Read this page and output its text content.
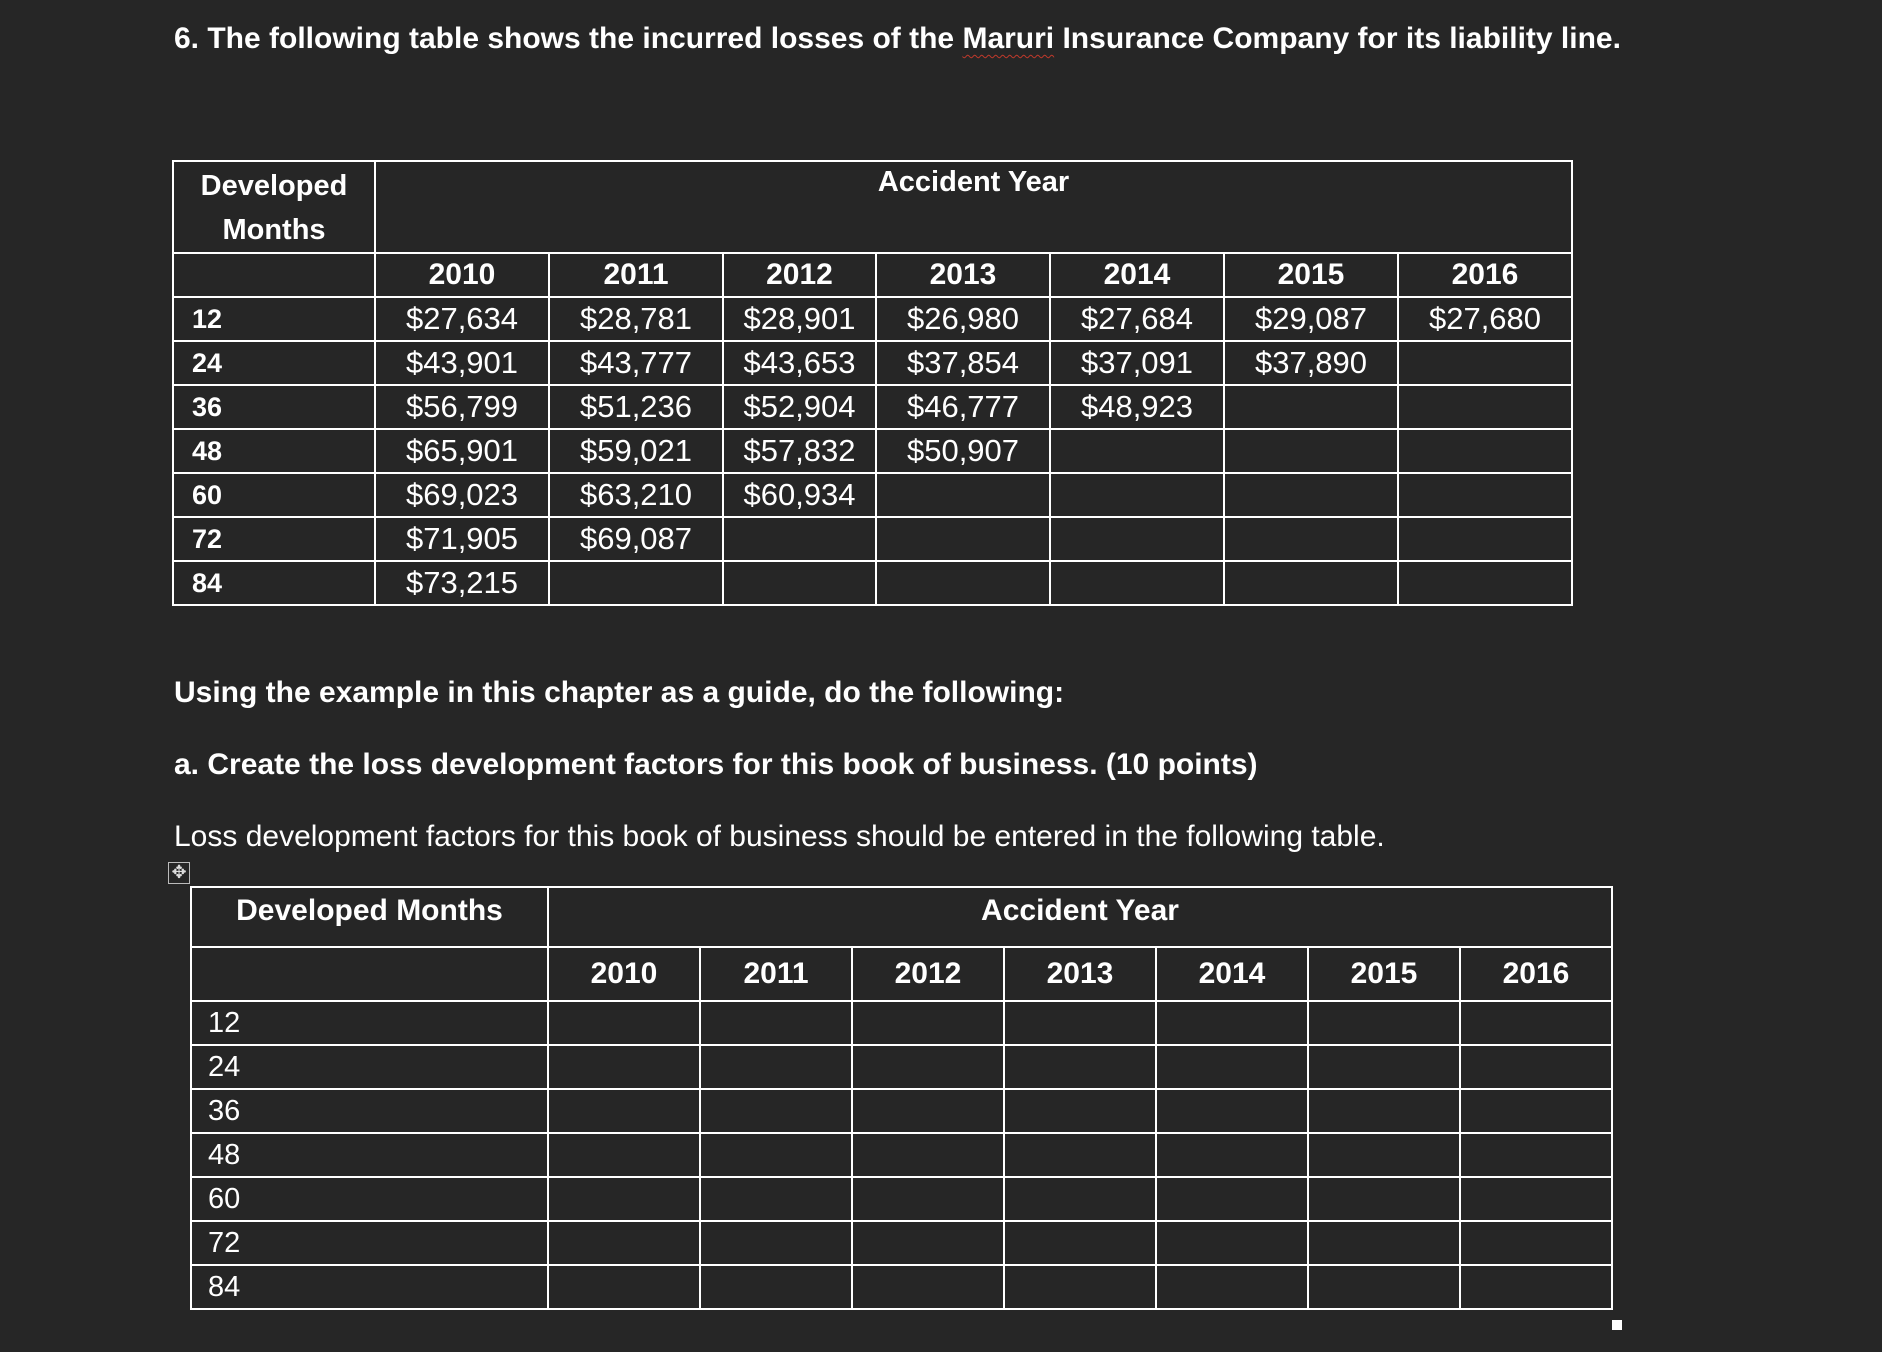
6. The following table shows the incurred losses of the Maruri Insurance Company for its liability line.

Developed
Months	Accident Year						
	2010	2011	2012	2013	2014	2015	2016
12	$27,634	$28,781	$28,901	$26,980	$27,684	$29,087	$27,680
24	$43,901	$43,777	$43,653	$37,854	$37,091	$37,890	
36	$56,799	$51,236	$52,904	$46,777	$48,923		
48	$65,901	$59,021	$57,832	$50,907			
60	$69,023	$63,210	$60,934				
72	$71,905	$69,087					
84	$73,215						

Using the example in this chapter as a guide, do the following:

a. Create the loss development factors for this book of business. (10 points)

Loss development factors for this book of business should be entered in the following table.

✥
Developed Months	Accident Year						
	2010	2011	2012	2013	2014	2015	2016
12							
24							
36							
48							
60							
72							
84							
